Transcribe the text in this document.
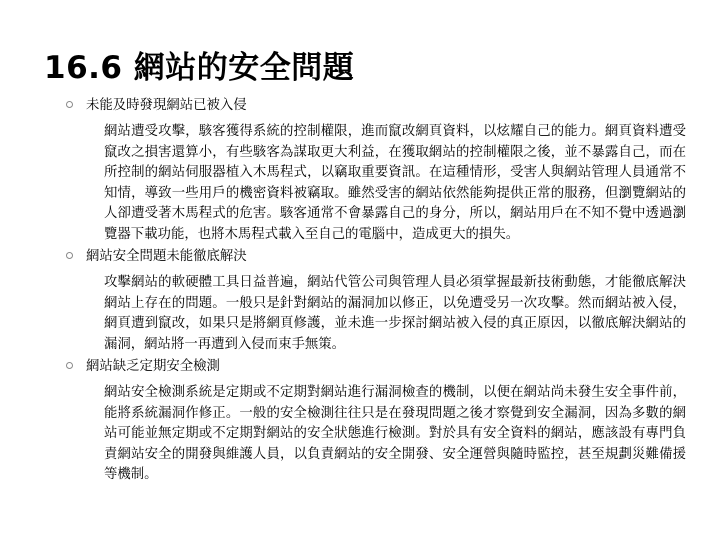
16.6 網站的安全問題
未能及時發現網站已被入侵

網站遭受攻擊，駭客獲得系統的控制權限，進而竄改網頁資料，以炫耀自己的能力。網頁資料遭受竄改之損害還算小，有些駭客為謀取更大利益，在獲取網站的控制權限之後，並不暴露自己，而在所控制的網站伺服器植入木馬程式，以竊取重要資訊。在這種情形，受害人與網站管理人員通常不知情，導致一些用戶的機密資料被竊取。雖然受害的網站依然能夠提供正常的服務，但瀏覽網站的人卻遭受著木馬程式的危害。駭客通常不會暴露自己的身分，所以，網站用戶在不知不覺中透過瀏覽器下載功能，也將木馬程式載入至自己的電腦中，造成更大的損失。

網站安全問題未能徹底解決

攻擊網站的軟硬體工具日益普遍，網站代管公司與管理人員必須掌握最新技術動態，才能徹底解決網站上存在的問題。一般只是針對網站的漏洞加以修正，以免遭受另一次攻擊。然而網站被入侵，網頁遭到竄改，如果只是將網頁修護，並未進一步探討網站被入侵的真正原因，以徹底解決網站的漏洞，網站將一再遭到入侵而束手無策。

網站缺乏定期安全檢測

網站安全檢測系統是定期或不定期對網站進行漏洞檢查的機制，以便在網站尚未發生安全事件前，能將系統漏洞作修正。一般的安全檢測往往只是在發現問題之後才察覺到安全漏洞，因為多數的網站可能並無定期或不定期對網站的安全狀態進行檢測。對於具有安全資料的網站，應該設有專門負責網站安全的開發與維護人員，以負責網站的安全開發、安全運營與隨時監控，甚至規劃災難備援等機制。
